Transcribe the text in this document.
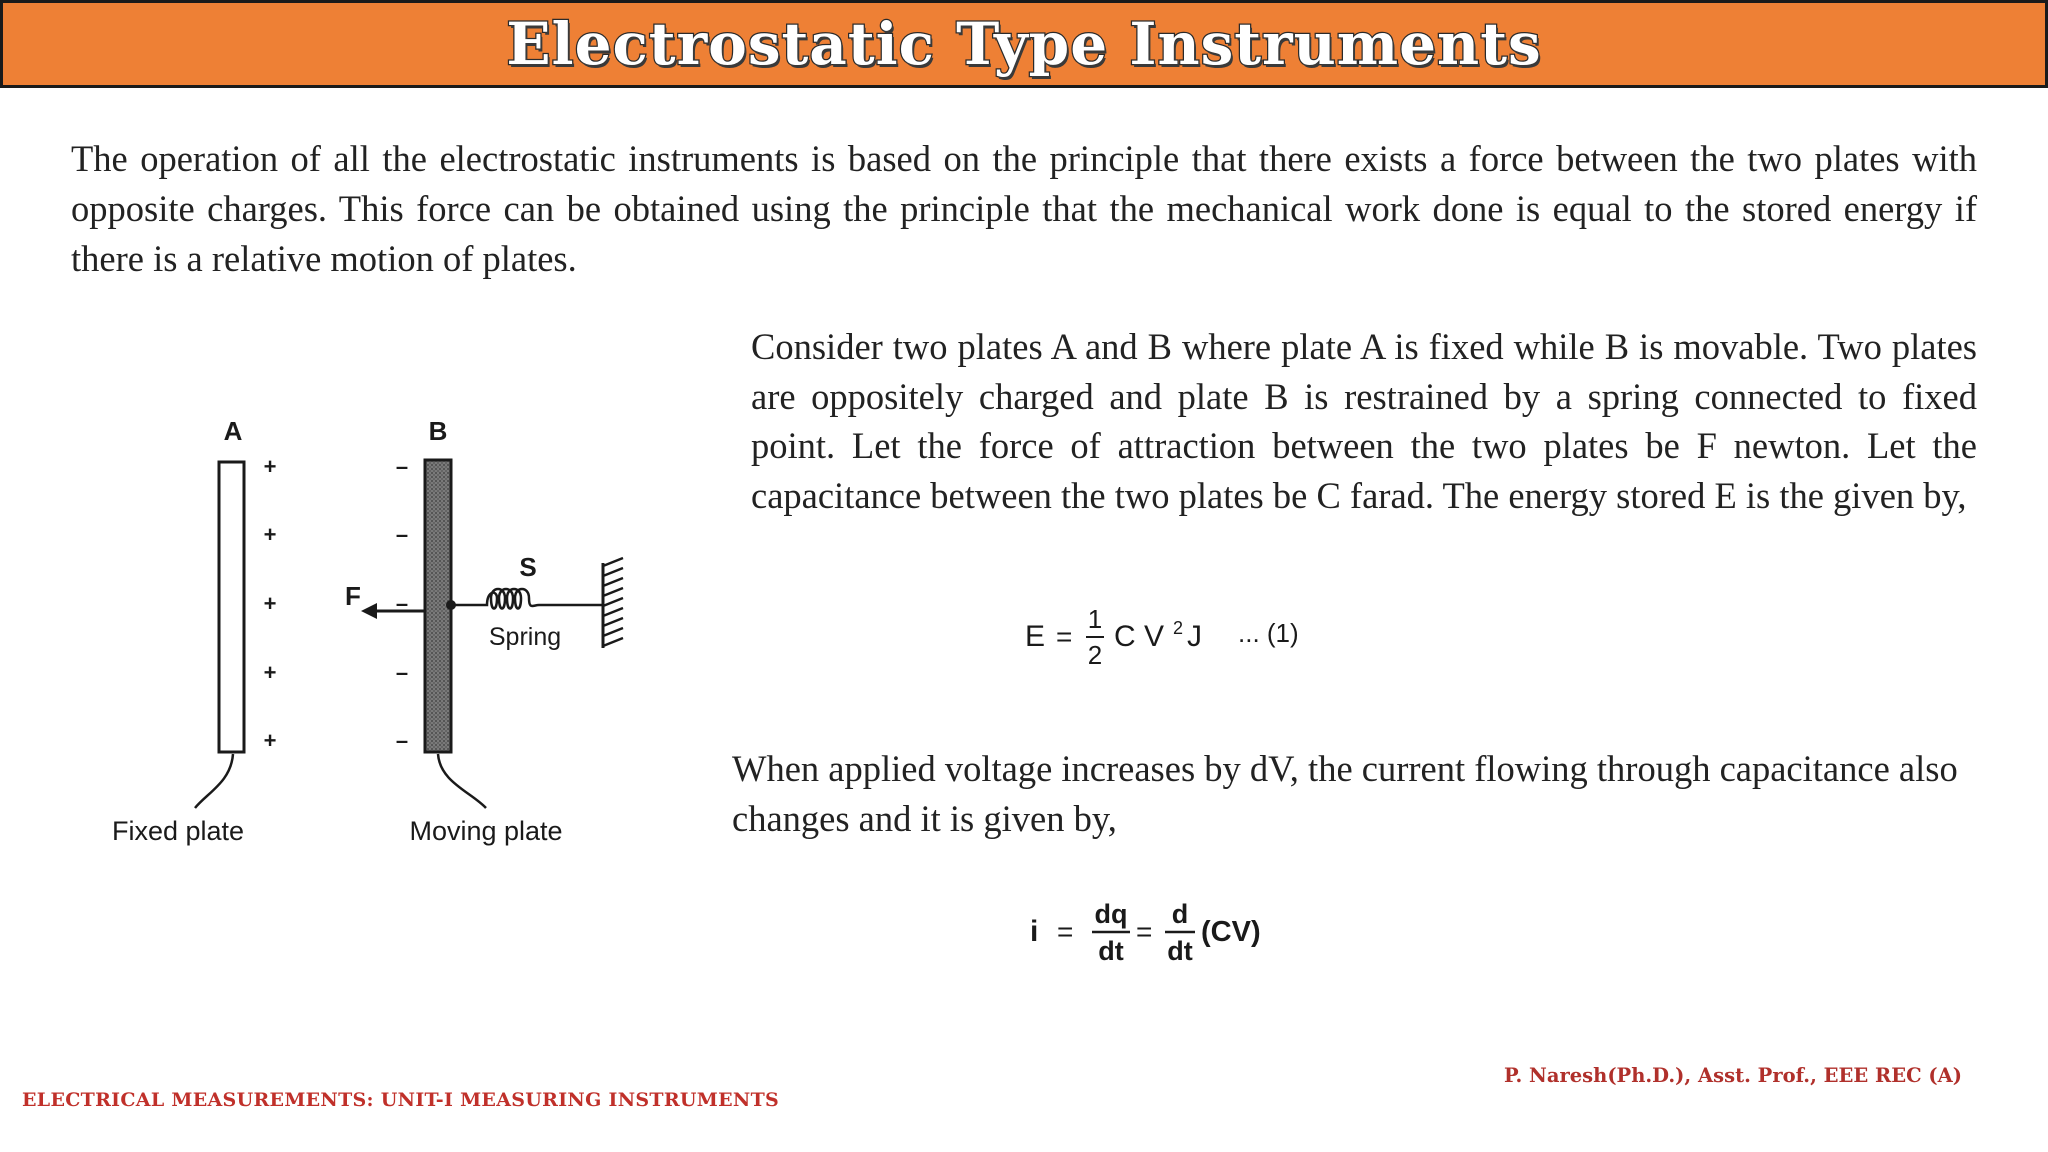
Electrostatic Type Instruments

The operation of all the electrostatic instruments is based on the principle that there exists a force between the two plates with opposite charges. This force can be obtained using the principle that the mechanical work done is equal to the stored energy if there is a relative motion of plates.

A
+
+
+
+
+
B
–
–
–
–
–
F
S
Spring
Fixed plate	Moving plate

Consider two plates A and B where plate A is fixed while B is movable. Two plates are oppositely charged and plate B is restrained by a spring connected to fixed point. Let the force of attraction between the two plates be F newton. Let the capacitance between the two plates be C farad. The energy stored E is the given by,

E =
1
2
C V 2 J ... (1)

When applied voltage increases by dV, the current flowing through capacitance also changes and it is given by,

i =
dq
dt
=
d
dt
(CV)
P. Naresh(Ph.D.), Asst. Prof., EEE REC (A)
ELECTRICAL MEASUREMENTS: UNIT-I MEASURING INSTRUMENTS
